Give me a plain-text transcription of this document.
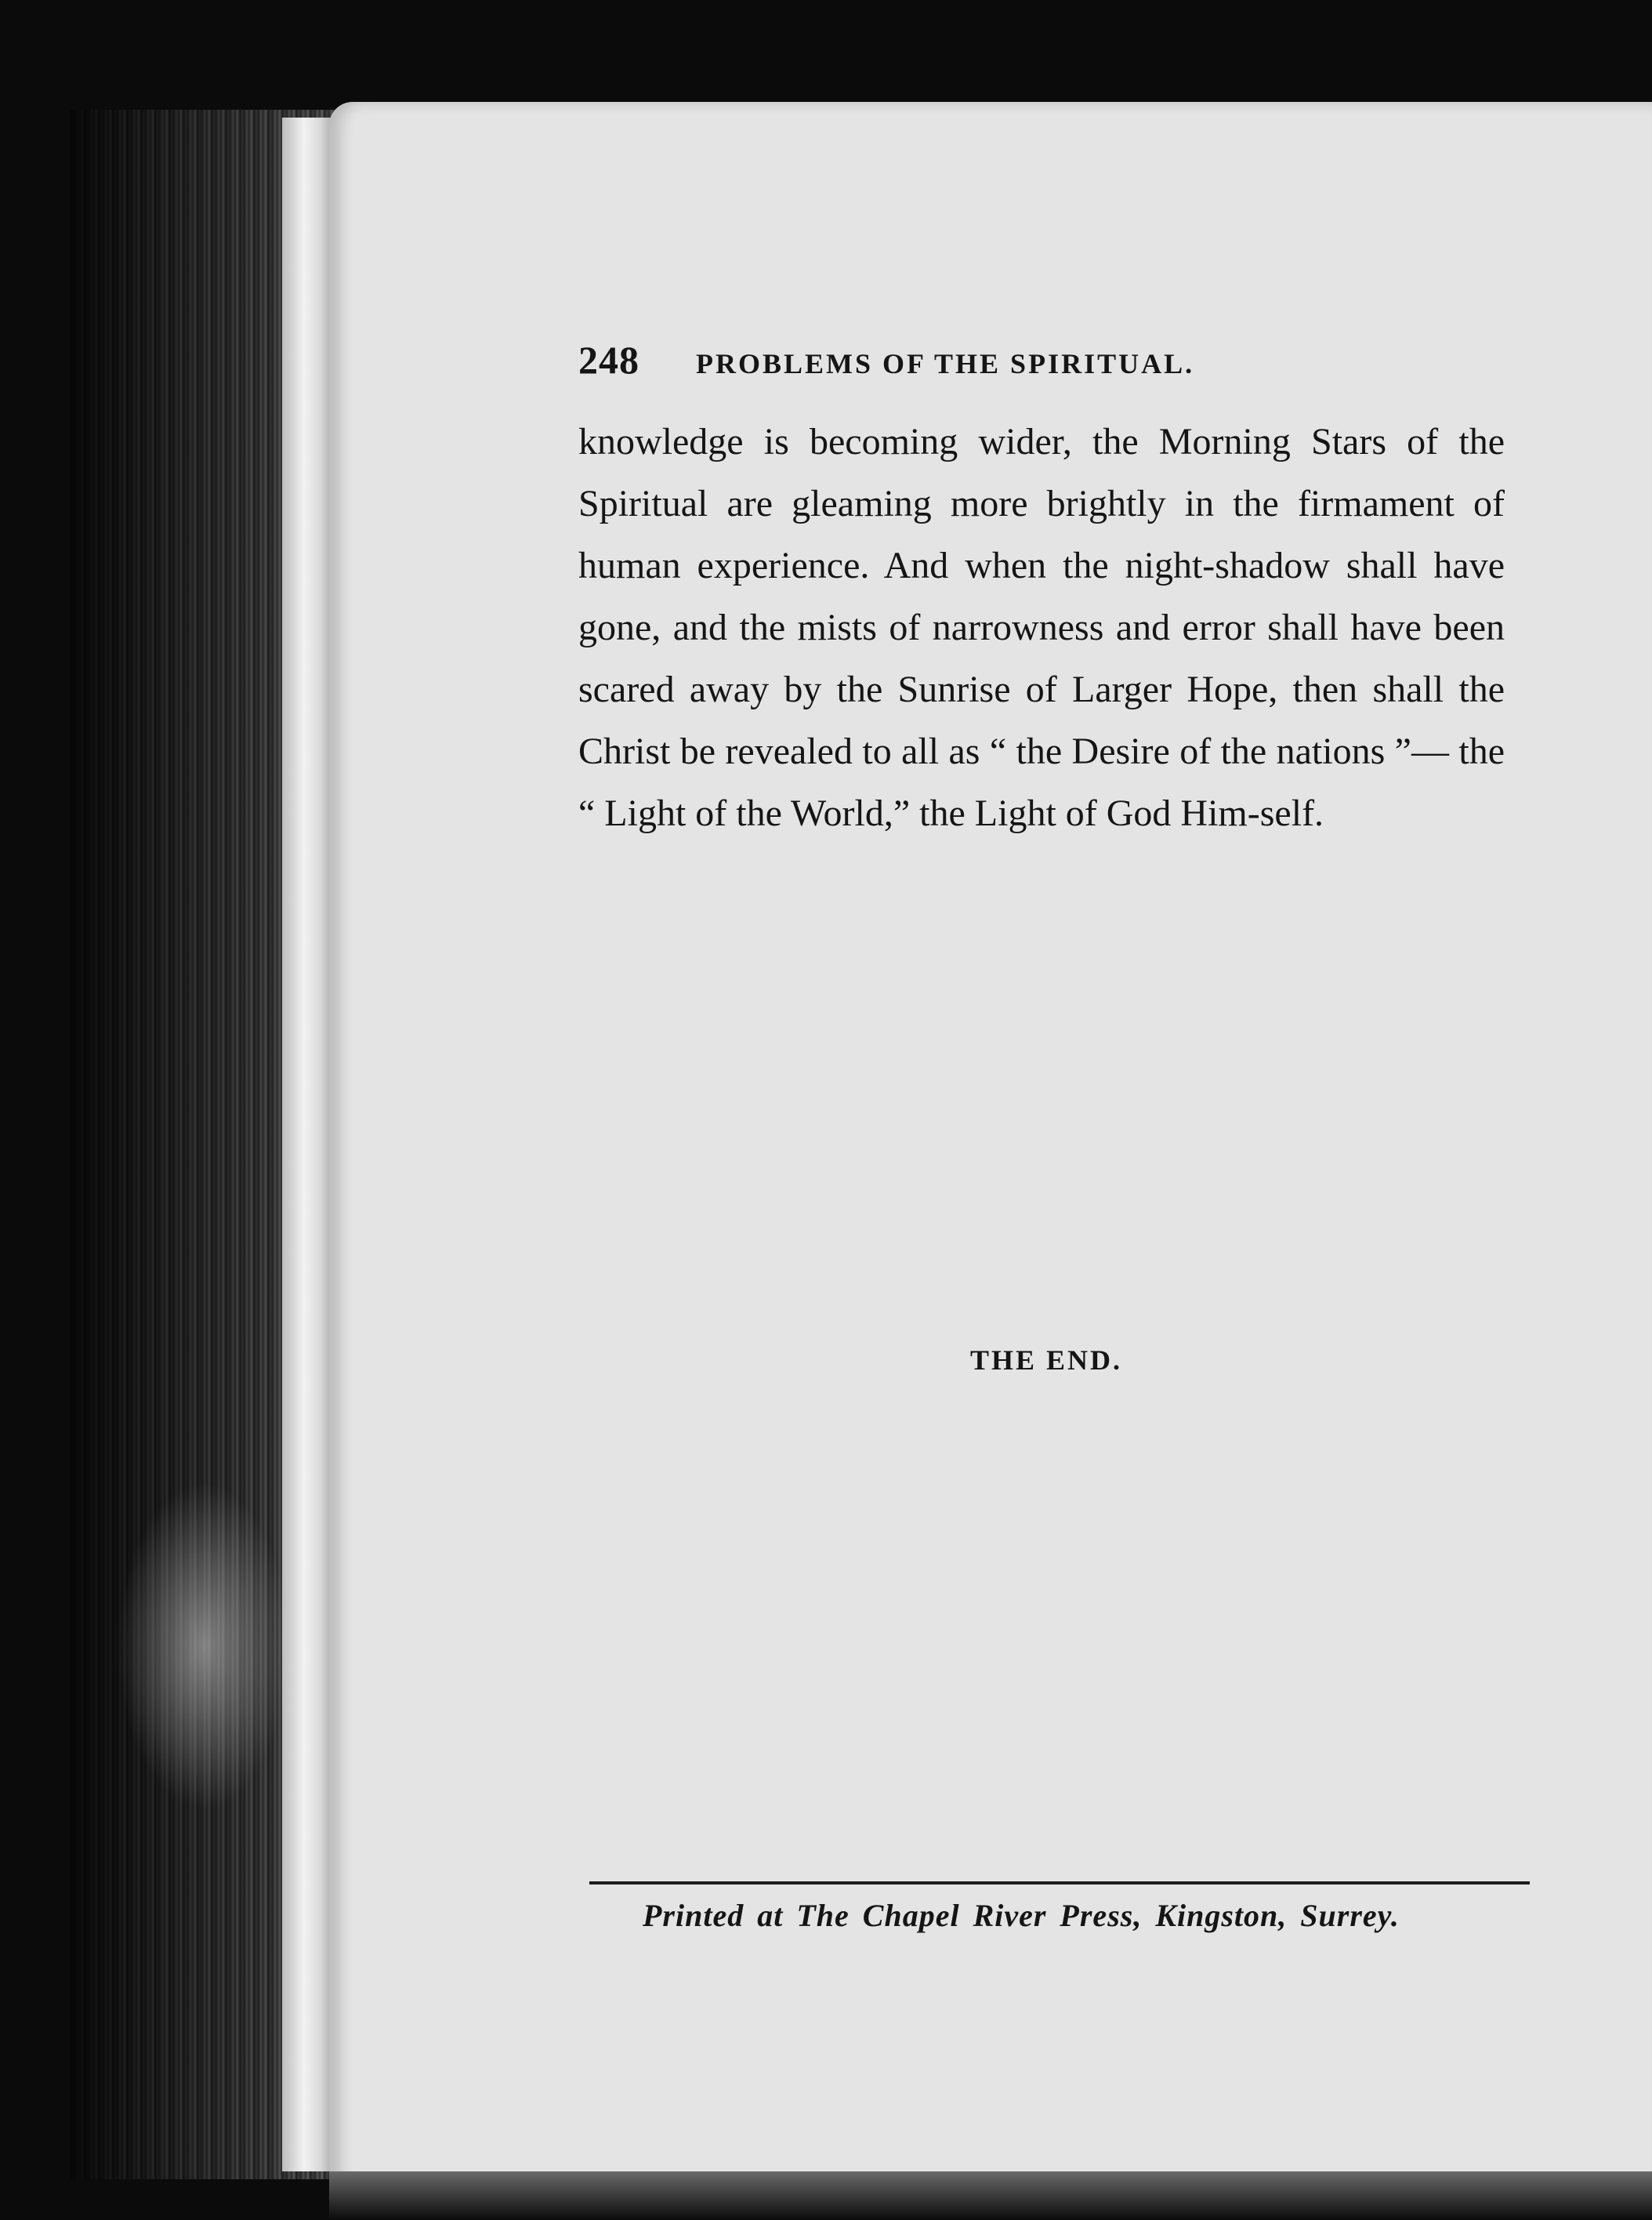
248	PROBLEMS OF THE SPIRITUAL.

knowledge is becoming wider, the Morning Stars of the Spiritual are gleaming more brightly in the firmament of human experience. And when the night-shadow shall have gone, and the mists of narrowness and error shall have been scared away by the Sunrise of Larger Hope, then shall the Christ be revealed to all as “ the Desire of the nations ”— the “ Light of the World,” the Light of God Him-self.

THE END.
Printed at The Chapel River Press, Kingston, Surrey.
